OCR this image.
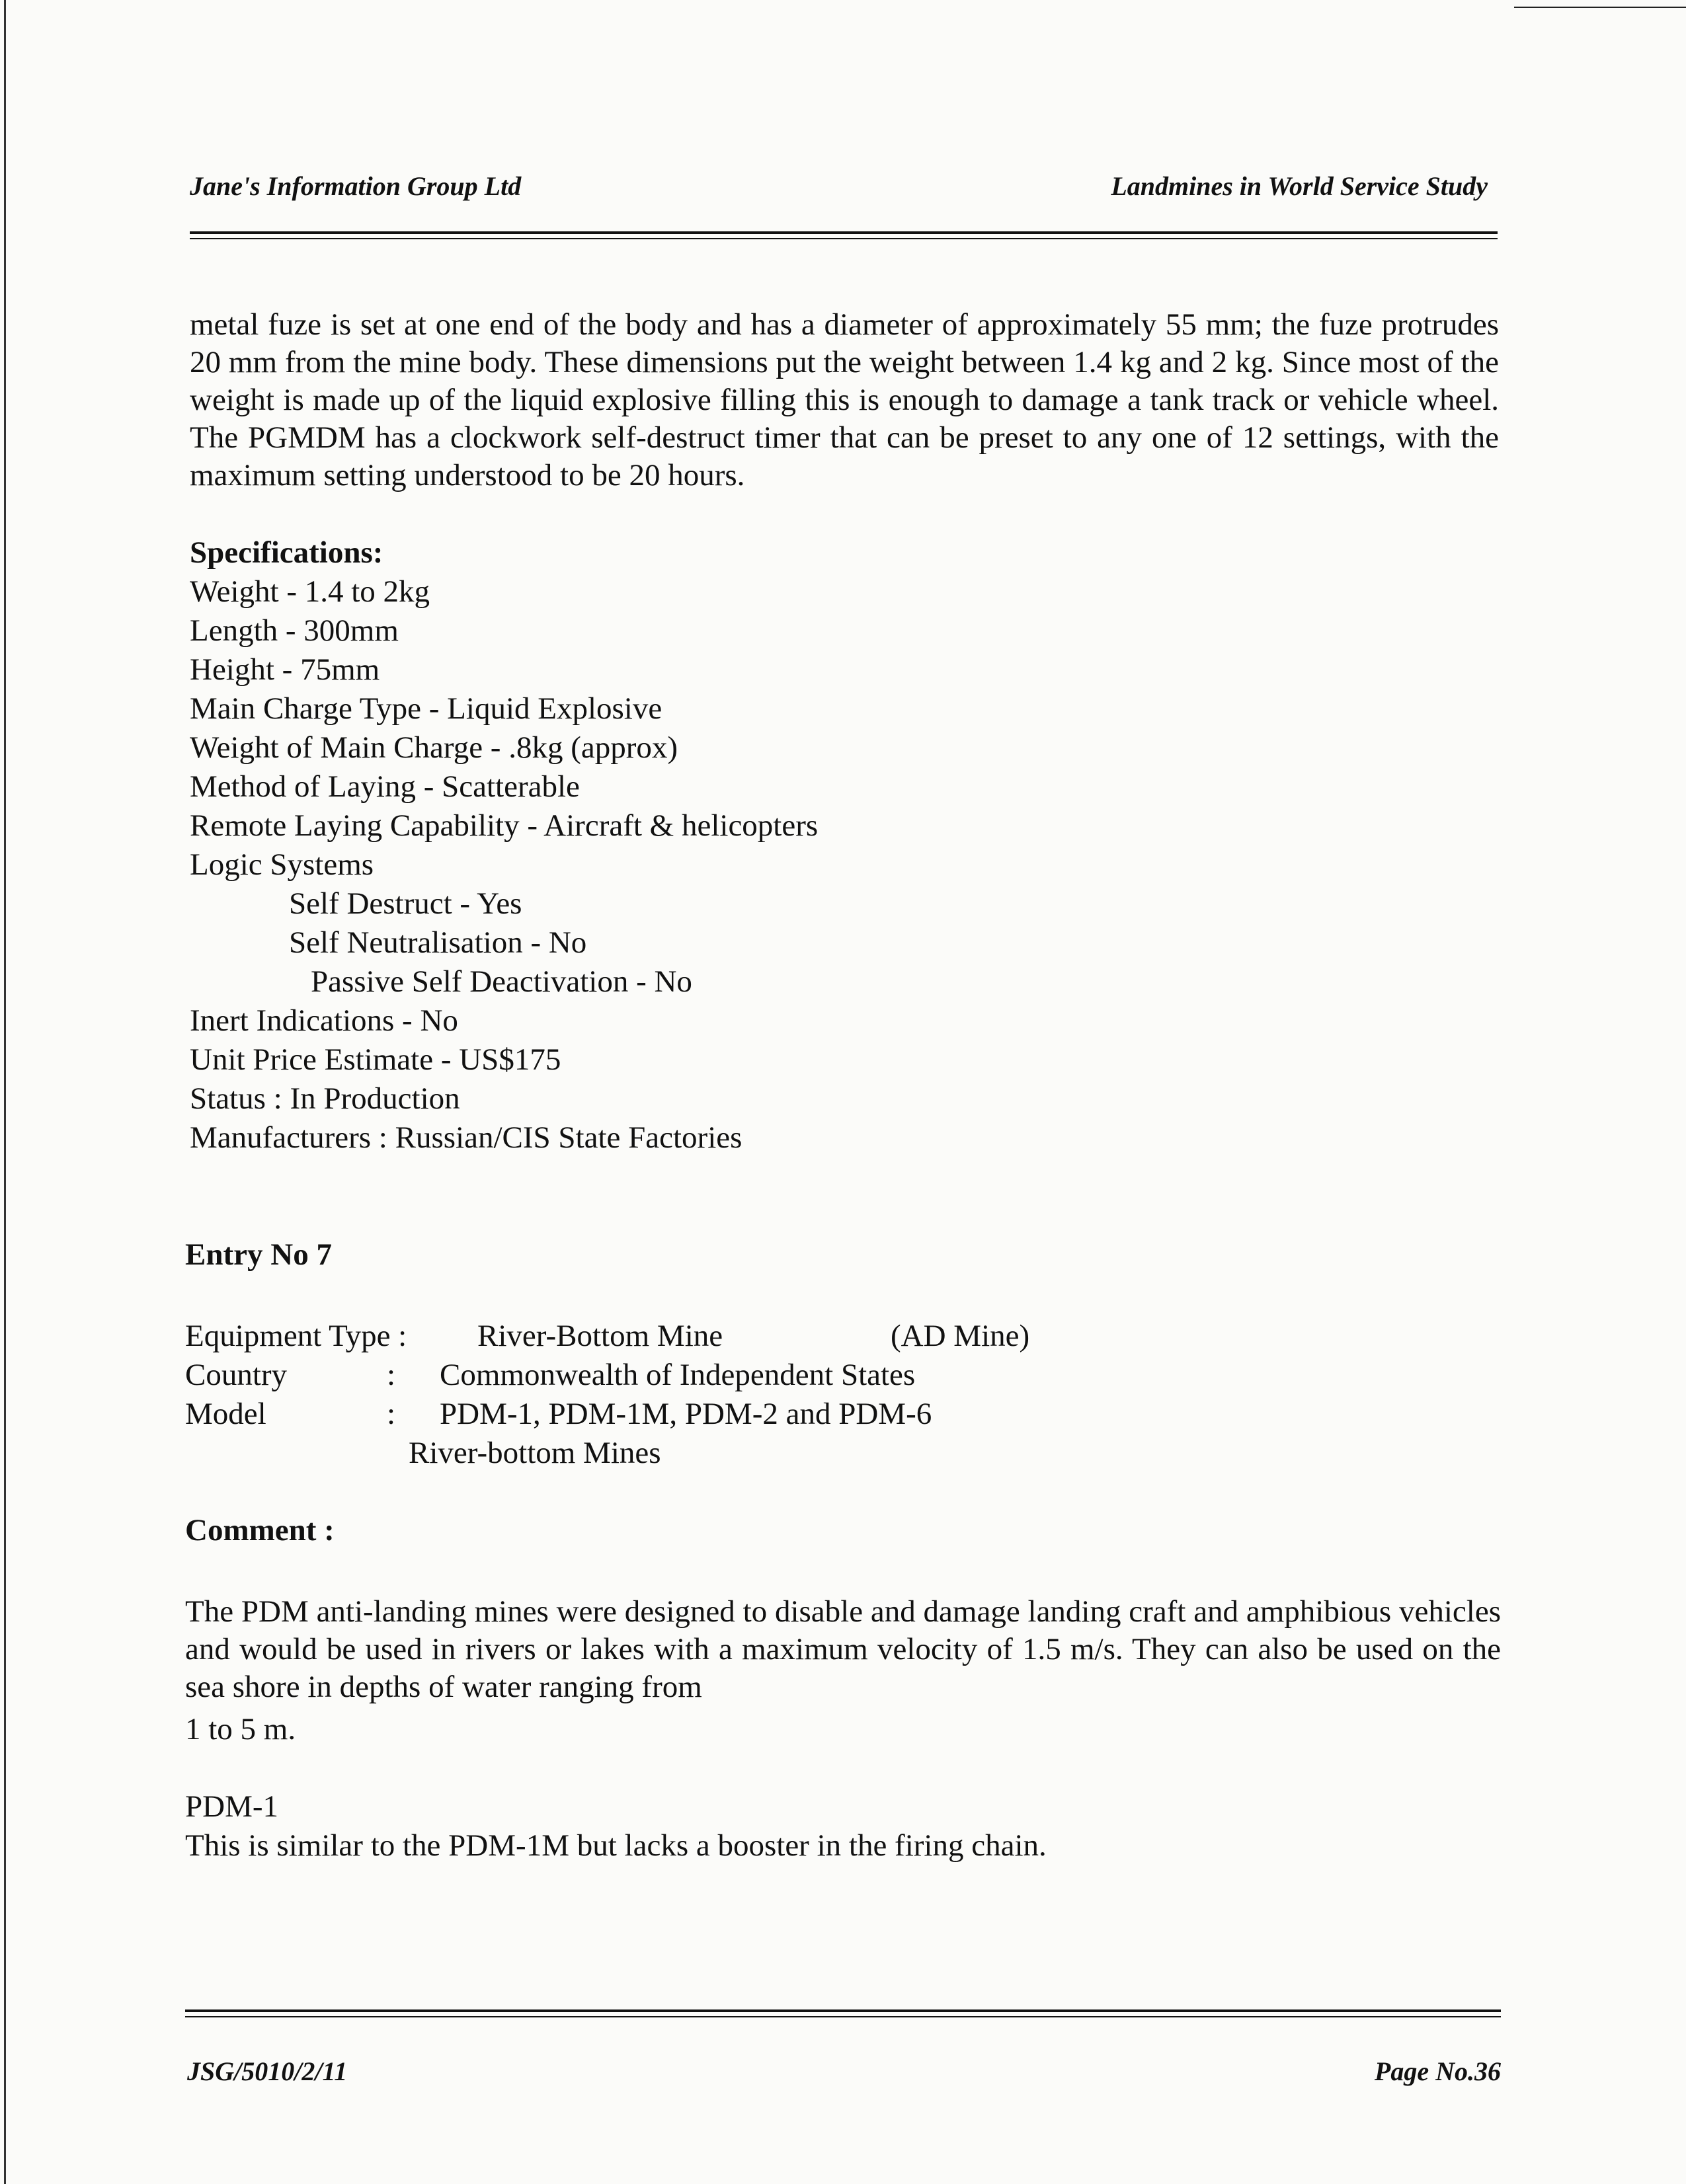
Jane's Information Group Ltd	Landmines in World Service Study
metal fuze is set at one end of the body and has a diameter of approximately 55 mm; the fuze protrudes 20 mm from the mine body. These dimensions put the weight between 1.4 kg and 2 kg. Since most of the weight is made up of the liquid explosive filling this is enough to damage a tank track or vehicle wheel. The PGMDM has a clockwork self-destruct timer that can be preset to any one of 12 settings, with the maximum setting understood to be 20 hours.
Specifications:
Weight - 1.4 to 2kg
Length - 300mm
Height - 75mm
Main Charge Type - Liquid Explosive
Weight of Main Charge - .8kg (approx)
Method of Laying - Scatterable
Remote Laying Capability - Aircraft & helicopters
Logic Systems
Self Destruct - Yes
Self Neutralisation - No
Passive Self Deactivation - No
Inert Indications - No
Unit Price Estimate - US$175
Status : In Production
Manufacturers : Russian/CIS State Factories
Entry No 7
Equipment Type : River-Bottom Mine	(AD Mine)
Country	: Commonwealth of Independent States
Model	: PDM-1, PDM-1M, PDM-2 and PDM-6
River-bottom Mines
Comment :
The PDM anti-landing mines were designed to disable and damage landing craft and amphibious vehicles and would be used in rivers or lakes with a maximum velocity of 1.5 m/s. They can also be used on the sea shore in depths of water ranging from
1 to 5 m.
PDM-1
This is similar to the PDM-1M but lacks a booster in the firing chain.
JSG/5010/2/11	Page No.36
